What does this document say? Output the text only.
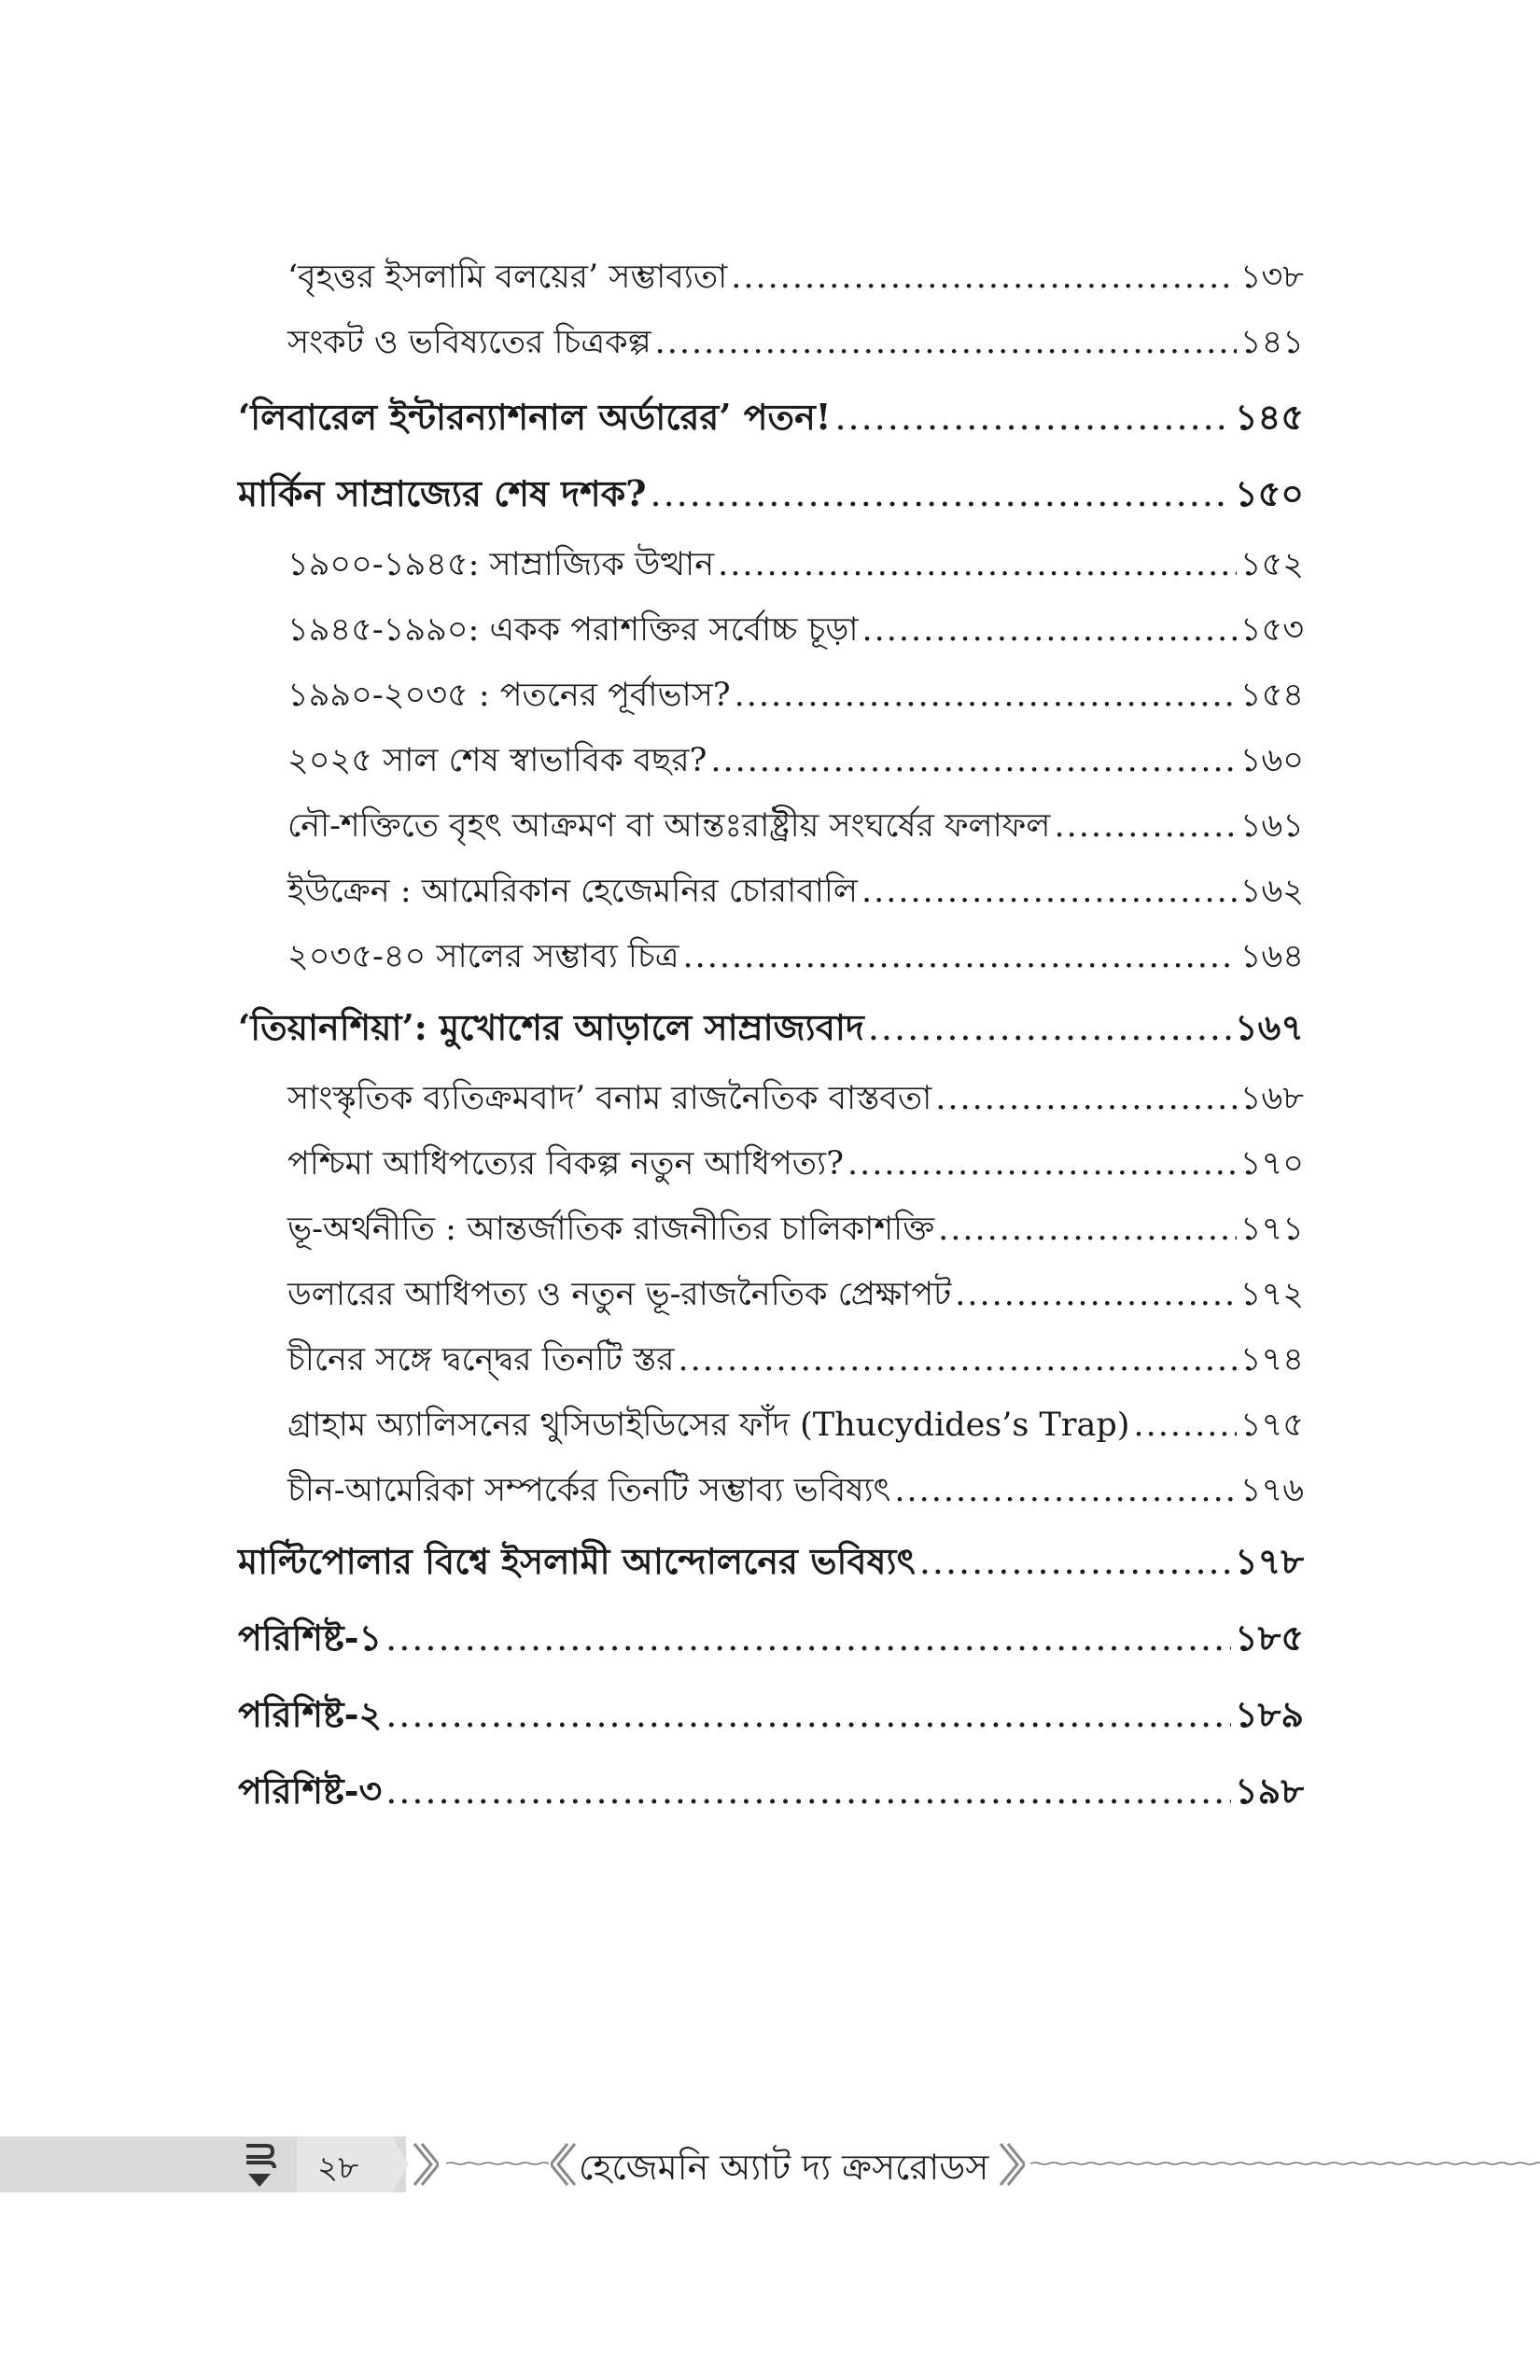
‘বৃহত্তর ইসলামি বলয়ের’ সম্ভাব্যতা .....	১৩৮
সংকট ও ভবিষ্যতের চিত্রকল্প .....	১৪১
‘লিবারেল ইন্টারন্যাশনাল অর্ডারের’ পতন! .....	১৪৫
মার্কিন সাম্রাজ্যের শেষ দশক? .....	১৫০
১৯০০-১৯৪৫: সাম্রাজ্যিক উত্থান .....	১৫২
১৯৪৫-১৯৯০: একক পরাশক্তির সর্বোচ্চ চূড়া .....	১৫৩
১৯৯০-২০৩৫ : পতনের পূর্বাভাস? .....	১৫৪
২০২৫ সাল শেষ স্বাভাবিক বছর? .....	১৬০
নৌ-শক্তিতে বৃহৎ আক্রমণ বা আন্তঃরাষ্ট্রীয় সংঘর্ষের ফলাফল .....	১৬১
ইউক্রেন : আমেরিকান হেজেমনির চোরাবালি .....	১৬২
২০৩৫-৪০ সালের সম্ভাব্য চিত্র .....	১৬৪
‘তিয়ানশিয়া’: মুখোশের আড়ালে সাম্রাজ্যবাদ .....	১৬৭
সাংস্কৃতিক ব্যতিক্রমবাদ’ বনাম রাজনৈতিক বাস্তবতা .....	১৬৮
পশ্চিমা আধিপত্যের বিকল্প নতুন আধিপত্য? .....	১৭০
ভূ-অর্থনীতি : আন্তর্জাতিক রাজনীতির চালিকাশক্তি .....	১৭১
ডলারের আধিপত্য ও নতুন ভূ-রাজনৈতিক প্রেক্ষাপট .....	১৭২
চীনের সঙ্গে দ্বন্দ্বের তিনটি স্তর .....	১৭৪
গ্রাহাম অ্যালিসনের থুসিডাইডিসের ফাঁদ (Thucydides’s Trap) .....	১৭৫
চীন-আমেরিকা সম্পর্কের তিনটি সম্ভাব্য ভবিষ্যৎ .....	১৭৬
মাল্টিপোলার বিশ্বে ইসলামী আন্দোলনের ভবিষ্যৎ .....	১৭৮
পরিশিষ্ট-১ .....	১৮৫
পরিশিষ্ট-২ .....	১৮৯
পরিশিষ্ট-৩ .....	১৯৮
২৮	হেজেমনি অ্যাট দ্য ক্রসরোডস
